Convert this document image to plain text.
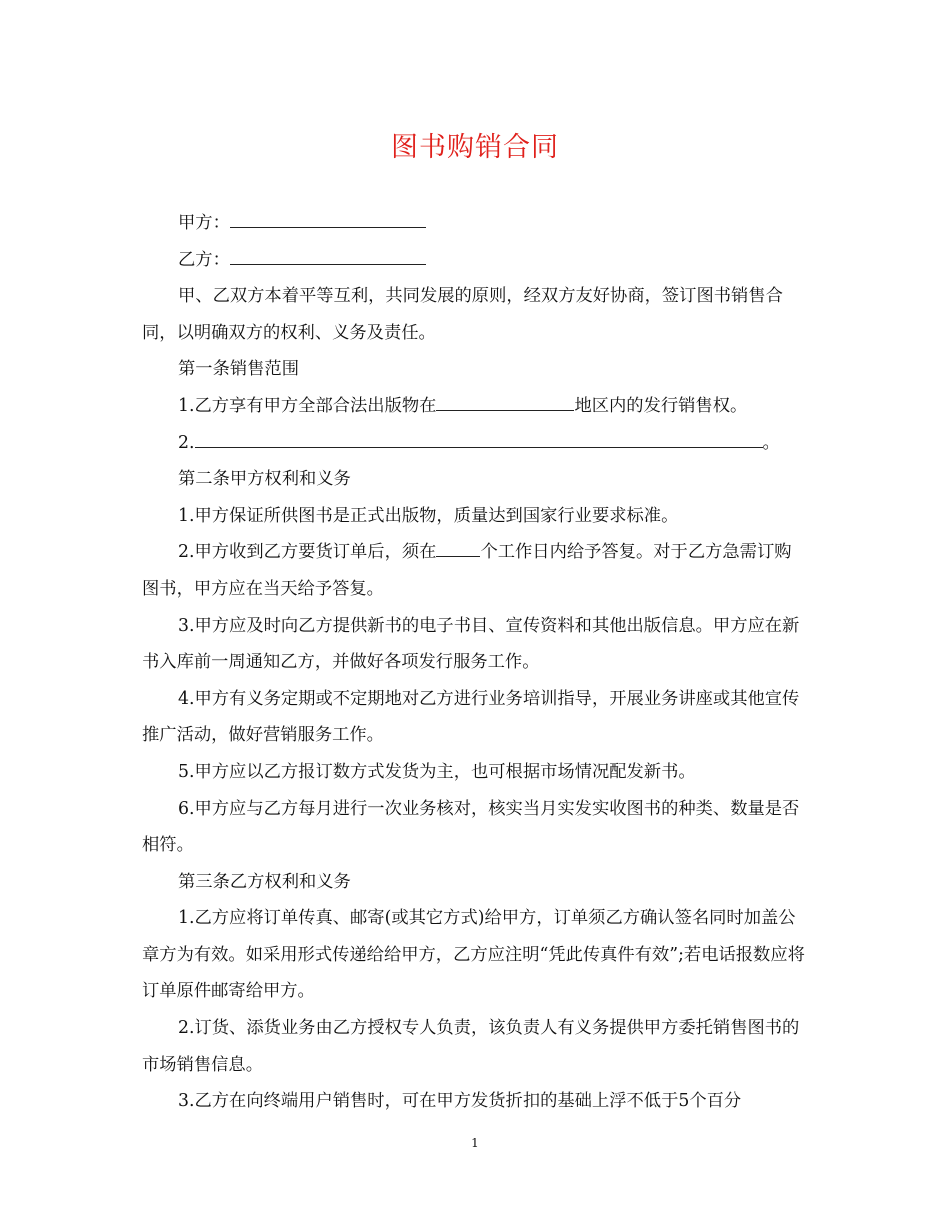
图书购销合同

甲方：

乙方：

甲、乙双方本着平等互利，共同发展的原则，经双方友好协商，签订图书销售合同，以明确双方的权利、义务及责任。

第一条销售范围

1.乙方享有甲方全部合法出版物在	地区内的发行销售权。

2.	。

第二条甲方权利和义务

1.甲方保证所供图书是正式出版物，质量达到国家行业要求标准。

2.甲方收到乙方要货订单后，须在	个工作日内给予答复。对于乙方急需订购图书，甲方应在当天给予答复。

3.甲方应及时向乙方提供新书的电子书目、宣传资料和其他出版信息。甲方应在新书入库前一周通知乙方，并做好各项发行服务工作。

4.甲方有义务定期或不定期地对乙方进行业务培训指导，开展业务讲座或其他宣传推广活动，做好营销服务工作。

5.甲方应以乙方报订数方式发货为主，也可根据市场情况配发新书。

6.甲方应与乙方每月进行一次业务核对，核实当月实发实收图书的种类、数量是否相符。

第三条乙方权利和义务

1.乙方应将订单传真、邮寄(或其它方式)给甲方，订单须乙方确认签名同时加盖公章方为有效。如采用形式传递给给甲方，乙方应注明“凭此传真件有效”;若电话报数应将订单原件邮寄给甲方。

2.订货、添货业务由乙方授权专人负责，该负责人有义务提供甲方委托销售图书的市场销售信息。

3.乙方在向终端用户销售时，可在甲方发货折扣的基础上浮不低于5个百分

1
